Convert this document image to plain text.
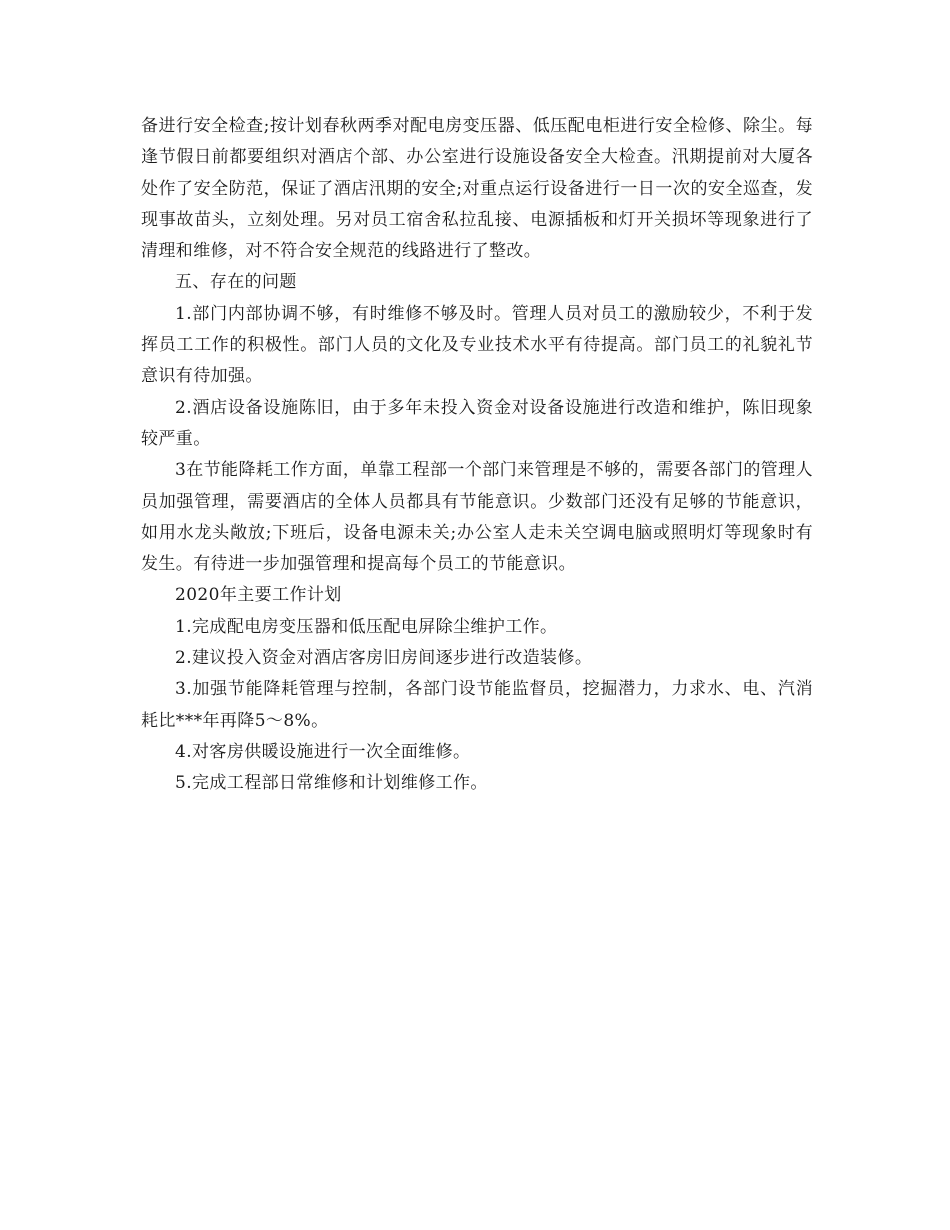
备进行安全检查;按计划春秋两季对配电房变压器、低压配电柜进行安全检修、除尘。每逢节假日前都要组织对酒店个部、办公室进行设施设备安全大检查。汛期提前对大厦各处作了安全防范，保证了酒店汛期的安全;对重点运行设备进行一日一次的安全巡查，发现事故苗头，立刻处理。另对员工宿舍私拉乱接、电源插板和灯开关损坏等现象进行了清理和维修，对不符合安全规范的线路进行了整改。

五、存在的问题

1.部门内部协调不够，有时维修不够及时。管理人员对员工的激励较少，不利于发挥员工工作的积极性。部门人员的文化及专业技术水平有待提高。部门员工的礼貌礼节意识有待加强。

2.酒店设备设施陈旧，由于多年未投入资金对设备设施进行改造和维护，陈旧现象较严重。

3在节能降耗工作方面，单靠工程部一个部门来管理是不够的，需要各部门的管理人员加强管理，需要酒店的全体人员都具有节能意识。少数部门还没有足够的节能意识，如用水龙头敞放;下班后，设备电源未关;办公室人走未关空调电脑或照明灯等现象时有发生。有待进一步加强管理和提高每个员工的节能意识。

2020年主要工作计划

1.完成配电房变压器和低压配电屏除尘维护工作。

2.建议投入资金对酒店客房旧房间逐步进行改造装修。

3.加强节能降耗管理与控制，各部门设节能监督员，挖掘潜力，力求水、电、汽消耗比***年再降5～8%。

4.对客房供暖设施进行一次全面维修。

5.完成工程部日常维修和计划维修工作。
